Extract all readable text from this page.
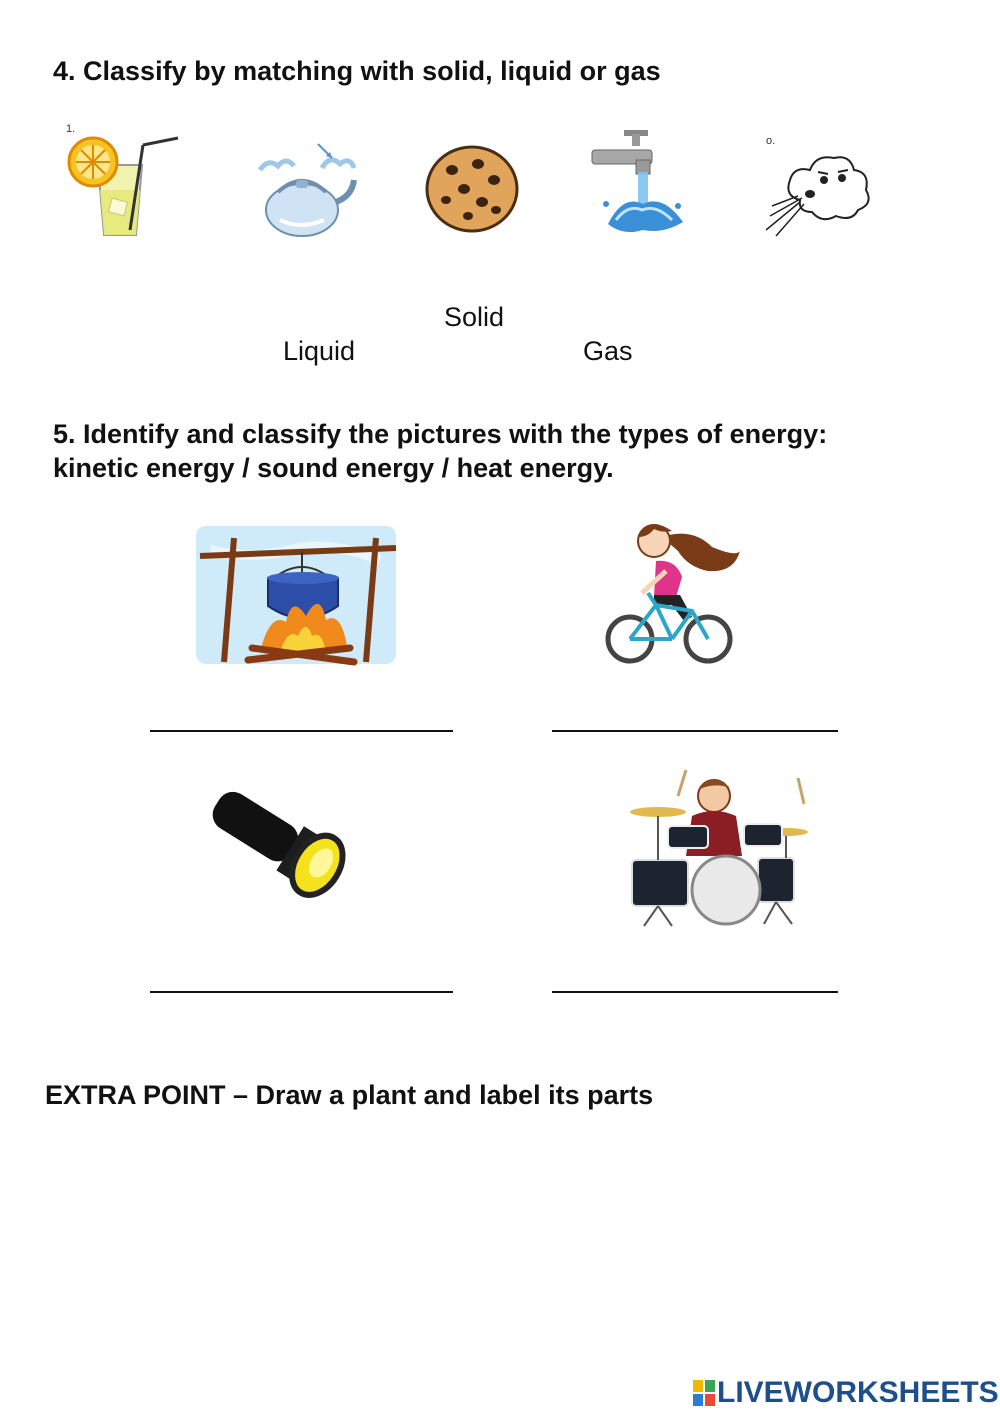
4. Classify by matching with solid, liquid or gas
1.
o.
Solid
Liquid	Gas
5. Identify and classify the pictures with the types of energy:
kinetic energy / sound energy / heat energy.
EXTRA POINT – Draw a plant and label its parts
LIVEWORKSHEETS
